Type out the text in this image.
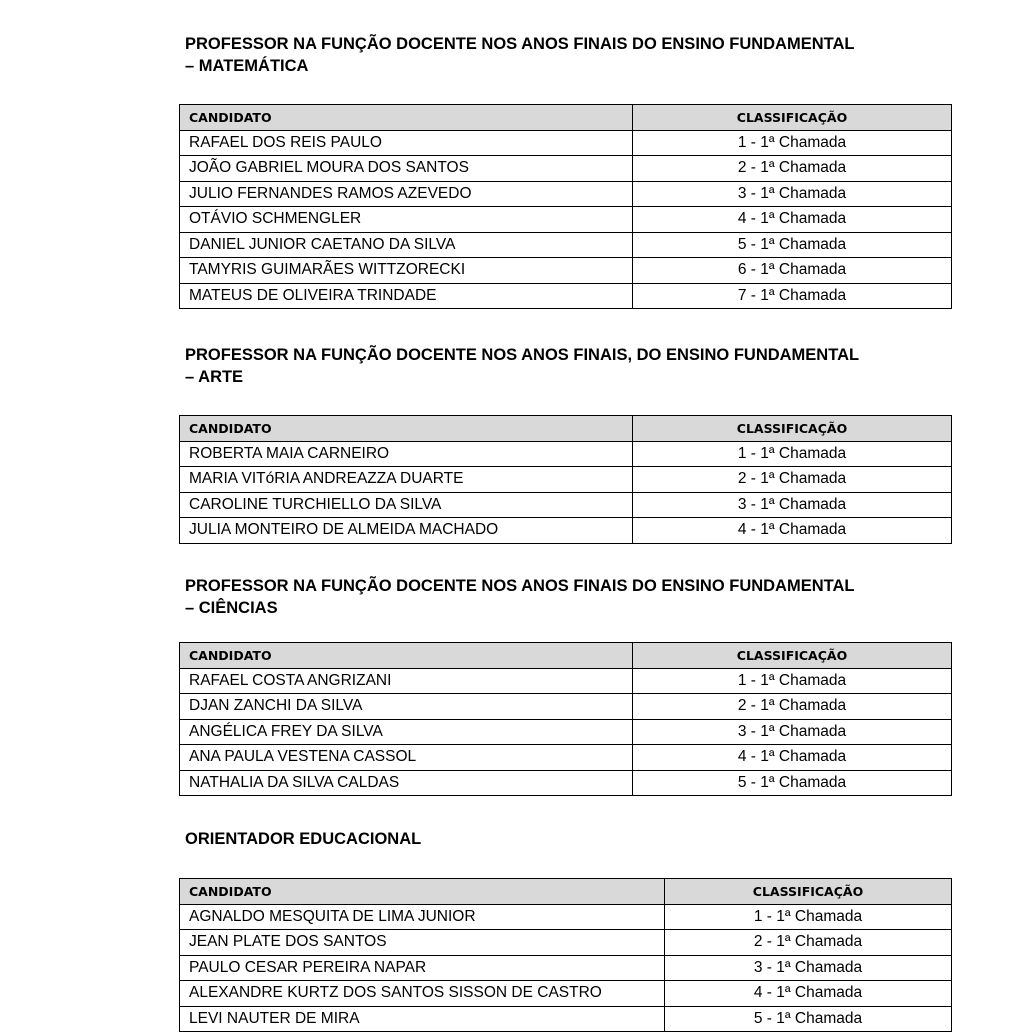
PROFESSOR NA FUNÇÃO DOCENTE NOS ANOS FINAIS DO ENSINO FUNDAMENTAL
– MATEMÁTICA
CANDIDATO	CLASSIFICAÇÃO
RAFAEL DOS REIS PAULO	1 - 1ª Chamada
JOÃO GABRIEL MOURA DOS SANTOS	2 - 1ª Chamada
JULIO FERNANDES RAMOS AZEVEDO	3 - 1ª Chamada
OTÁVIO SCHMENGLER	4 - 1ª Chamada
DANIEL JUNIOR CAETANO DA SILVA	5 - 1ª Chamada
TAMYRIS GUIMARÃES WITTZORECKI	6 - 1ª Chamada
MATEUS DE OLIVEIRA TRINDADE	7 - 1ª Chamada
PROFESSOR NA FUNÇÃO DOCENTE NOS ANOS FINAIS, DO ENSINO FUNDAMENTAL
– ARTE
CANDIDATO	CLASSIFICAÇÃO
ROBERTA MAIA CARNEIRO	1 - 1ª Chamada
MARIA VITóRIA ANDREAZZA DUARTE	2 - 1ª Chamada
CAROLINE TURCHIELLO DA SILVA	3 - 1ª Chamada
JULIA MONTEIRO DE ALMEIDA MACHADO	4 - 1ª Chamada
PROFESSOR NA FUNÇÃO DOCENTE NOS ANOS FINAIS DO ENSINO FUNDAMENTAL
– CIÊNCIAS
CANDIDATO	CLASSIFICAÇÃO
RAFAEL COSTA ANGRIZANI	1 - 1ª Chamada
DJAN ZANCHI DA SILVA	2 - 1ª Chamada
ANGÉLICA FREY DA SILVA	3 - 1ª Chamada
ANA PAULA VESTENA CASSOL	4 - 1ª Chamada
NATHALIA DA SILVA CALDAS	5 - 1ª Chamada
ORIENTADOR EDUCACIONAL
CANDIDATO	CLASSIFICAÇÃO
AGNALDO MESQUITA DE LIMA JUNIOR	1 - 1ª Chamada
JEAN PLATE DOS SANTOS	2 - 1ª Chamada
PAULO CESAR PEREIRA NAPAR	3 - 1ª Chamada
ALEXANDRE KURTZ DOS SANTOS SISSON DE CASTRO	4 - 1ª Chamada
LEVI NAUTER DE MIRA	5 - 1ª Chamada
